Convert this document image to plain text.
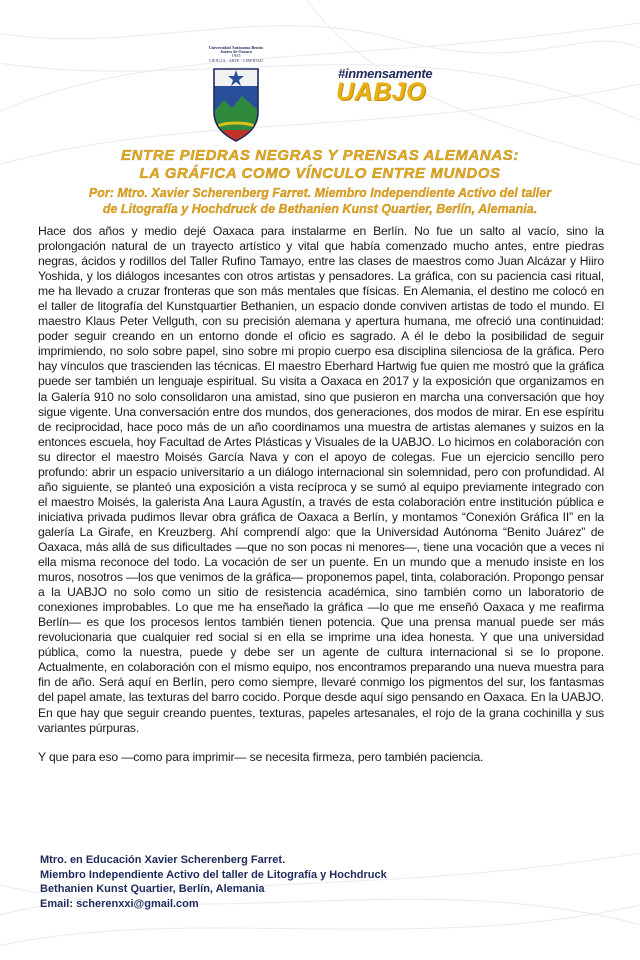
Universidad Autónoma Benito Juárez de Oaxaca
1955
CIENCIA · ARTE · LIBERTAD
#inmensamente
UABJO
ENTRE PIEDRAS NEGRAS Y PRENSAS ALEMANAS:
LA GRÁFICA COMO VÍNCULO ENTRE MUNDOS

Por: Mtro. Xavier Scherenberg Farret. Miembro Independiente Activo del taller

de Litografía y Hochdruck de Bethanien Kunst Quartier, Berlín, Alemania.

Hace dos años y medio dejé Oaxaca para instalarme en Berlín. No fue un salto al vacío, sino la prolongación natural de un trayecto artístico y vital que había comenzado mucho antes, entre piedras negras, ácidos y rodillos del Taller Rufino Tamayo, entre las clases de maestros como Juan Alcázar y Hiiro Yoshida, y los diálogos incesantes con otros artistas y pensadores. La gráfica, con su paciencia casi ritual, me ha llevado a cruzar fronteras que son más mentales que físicas. En Alemania, el destino me colocó en el taller de litografía del Kunstquartier Bethanien, un espacio donde conviven artistas de todo el mundo. El maestro Klaus Peter Vellguth, con su precisión alemana y apertura humana, me ofreció una continuidad: poder seguir creando en un entorno donde el oficio es sagrado. A él le debo la posibilidad de seguir imprimiendo, no solo sobre papel, sino sobre mi propio cuerpo esa disciplina silenciosa de la gráfica. Pero hay vínculos que trascienden las técnicas. El maestro Eberhard Hartwig fue quien me mostró que la gráfica puede ser también un lenguaje espiritual. Su visita a Oaxaca en 2017 y la exposición que organizamos en la Galería 910 no solo consolidaron una amistad, sino que pusieron en marcha una conversación que hoy sigue vigente. Una conversación entre dos mundos, dos generaciones, dos modos de mirar. En ese espíritu de reciprocidad, hace poco más de un año coordinamos una muestra de artistas alemanes y suizos en la entonces escuela, hoy Facultad de Artes Plásticas y Visuales de la UABJO. Lo hicimos en colaboración con su director el maestro Moisés García Nava y con el apoyo de colegas. Fue un ejercicio sencillo pero profundo: abrir un espacio universitario a un diálogo internacional sin solemnidad, pero con profundidad. Al año siguiente, se planteó una exposición a vista recíproca y se sumó al equipo previamente integrado con el maestro Moisés, la galerista Ana Laura Agustín, a través de esta colaboración entre institución pública e iniciativa privada pudimos llevar obra gráfica de Oaxaca a Berlín, y montamos “Conexión Gráfica II” en la galería La Girafe, en Kreuzberg. Ahí comprendí algo: que la Universidad Autónoma “Benito Juárez” de Oaxaca, más allá de sus dificultades —que no son pocas ni menores—, tiene una vocación que a veces ni ella misma reconoce del todo. La vocación de ser un puente. En un mundo que a menudo insiste en los muros, nosotros —los que venimos de la gráfica— proponemos papel, tinta, colaboración. Propongo pensar a la UABJO no solo como un sitio de resistencia académica, sino también como un laboratorio de conexiones improbables. Lo que me ha enseñado la gráfica —lo que me enseñó Oaxaca y me reafirma Berlín— es que los procesos lentos también tienen potencia. Que una prensa manual puede ser más revolucionaria que cualquier red social si en ella se imprime una idea honesta. Y que una universidad pública, como la nuestra, puede y debe ser un agente de cultura internacional si se lo propone. Actualmente, en colaboración con el mismo equipo, nos encontramos preparando una nueva muestra para fin de año. Será aquí en Berlín, pero como siempre, llevaré conmigo los pigmentos del sur, los fantasmas del papel amate, las texturas del barro cocido. Porque desde aquí sigo pensando en Oaxaca. En la UABJO. En que hay que seguir creando puentes, texturas, papeles artesanales, el rojo de la grana cochinilla y sus variantes púrpuras.

Y que para eso —como para imprimir— se necesita firmeza, pero también paciencia.

Mtro. en Educación Xavier Scherenberg Farret.

Miembro Independiente Activo del taller de Litografía y Hochdruck

Bethanien Kunst Quartier, Berlín, Alemania

Email: scherenxxi@gmail.com
